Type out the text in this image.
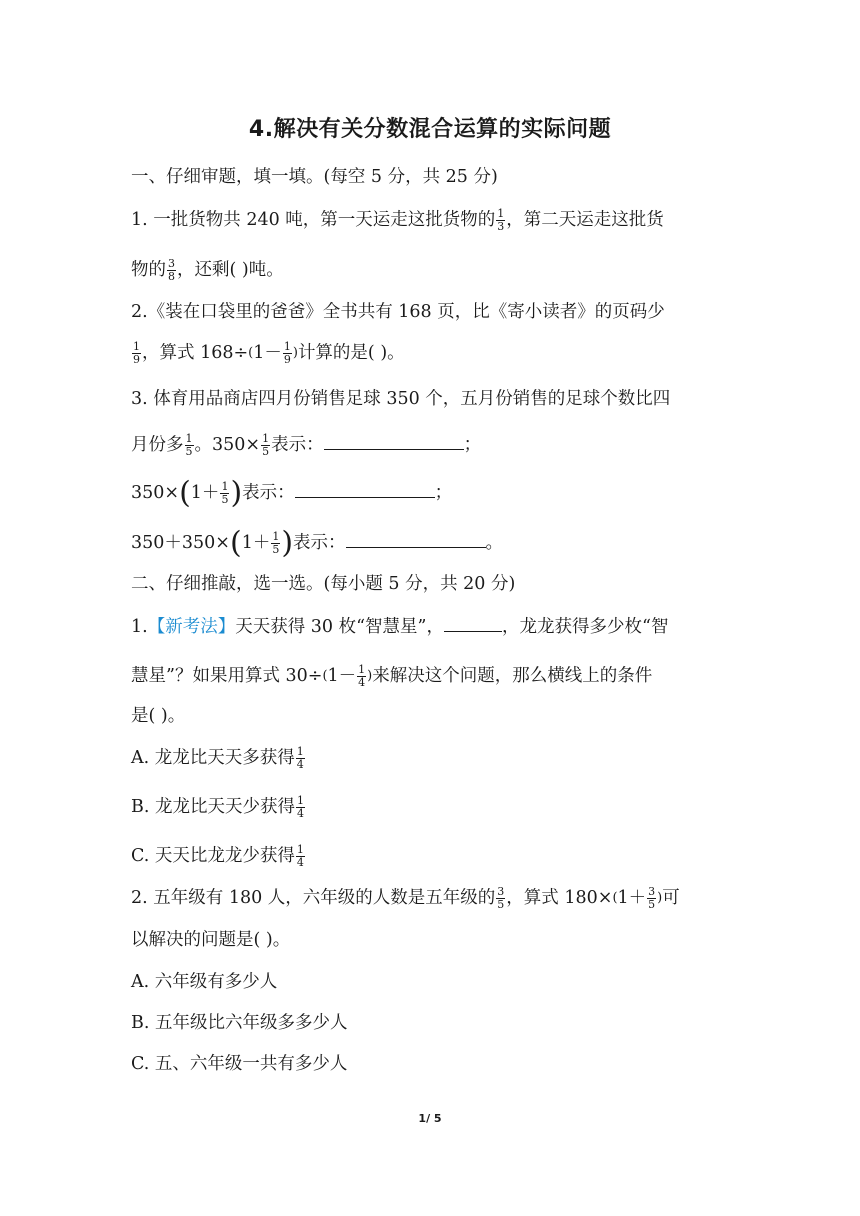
4.解决有关分数混合运算的实际问题
一、仔细审题，填一填。(每空 5 分，共 25 分)
1. 一批货物共 240 吨，第一天运走这批货物的 $\frac{1}{3}$ ，第二天运走这批货
物的 $\frac{3}{8}$ ，还剩( )吨。
2.《装在口袋里的爸爸》全书共有 168 页，比《寄小读者》的页码少
$\frac{1}{9}$ ，算式 $168\div(1- \frac{1}{9}$ )计算的是( )。
3. 体育用品商店四月份销售足球 350 个，五月份销售的足球个数比四
月份多 $\frac{1}{5}$ 。$350\times \frac{1}{5}$ 表示：	；
$350\times(1+ \frac{1}{5}$ )表示：	；
$350+350\times(1+ \frac{1}{5}$ )表示：	。
二、仔细推敲，选一选。(每小题 5 分，共 20 分)
1.【新考法】天天获得 30 枚“智慧星”，	，龙龙获得多少枚“智
慧星”？如果用算式 $30\div(1- \frac{1}{4}$ )来解决这个问题，那么横线上的条件
是( )。
A. 龙龙比天天多获得 $\frac{1}{4}$
B. 龙龙比天天少获得 $\frac{1}{4}$
C. 天天比龙龙少获得 $\frac{1}{4}$
2. 五年级有 180 人，六年级的人数是五年级的 $\frac{3}{5}$ ，算式 $180\times(1+ \frac{3}{5}$ )可
以解决的问题是( )。
A. 六年级有多少人
B. 五年级比六年级多多少人
C. 五、六年级一共有多少人
1/ 5
